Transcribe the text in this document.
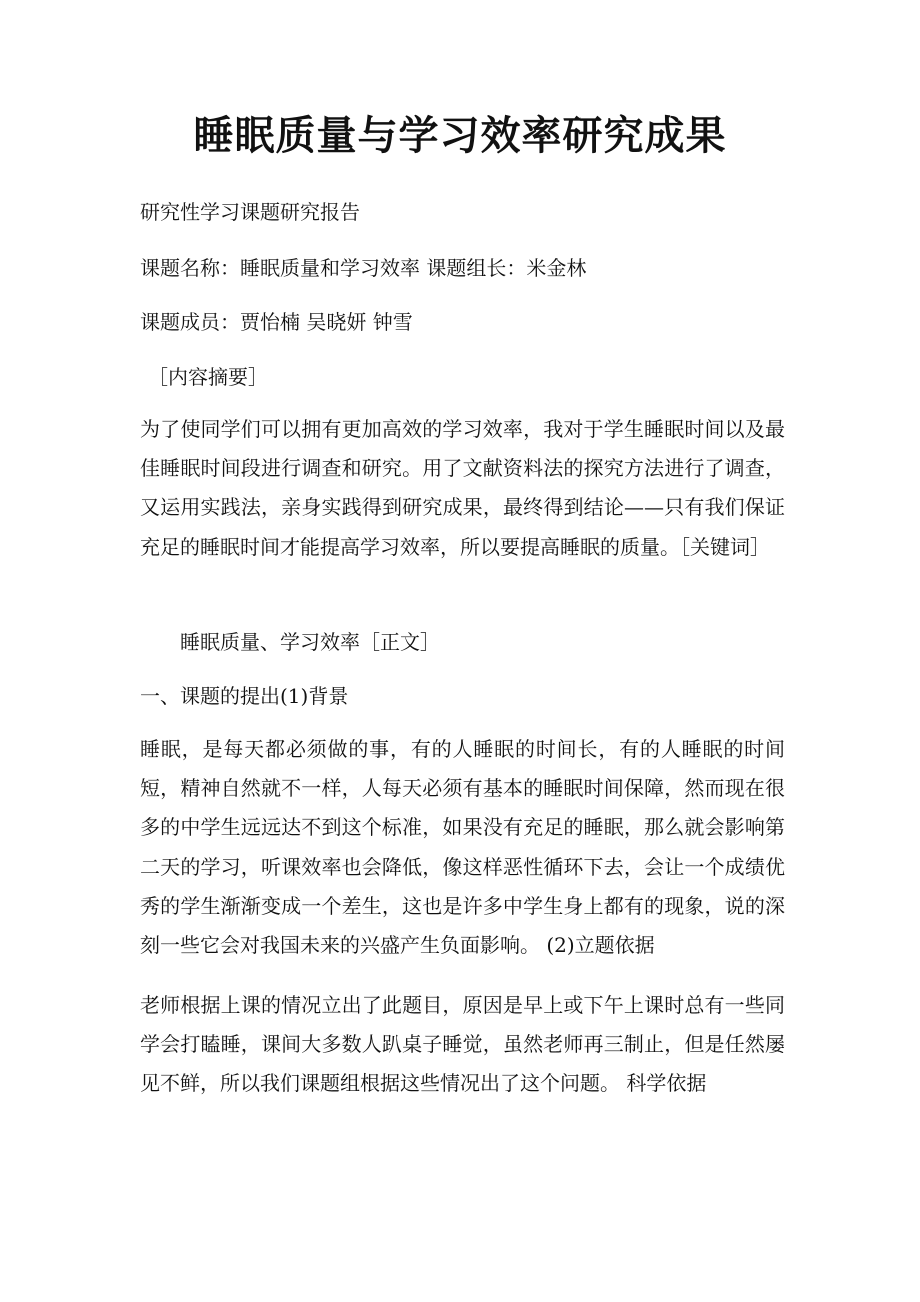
睡眠质量与学习效率研究成果

研究性学习课题研究报告

课题名称：睡眠质量和学习效率 课题组长：米金林

课题成员：贾怡楠 吴晓妍 钟雪

［内容摘要］

为了使同学们可以拥有更加高效的学习效率，我对于学生睡眠时间以及最佳睡眠时间段进行调查和研究。用了文献资料法的探究方法进行了调查，又运用实践法，亲身实践得到研究成果，最终得到结论——只有我们保证充足的睡眠时间才能提高学习效率，所以要提高睡眠的质量。［关键词］

睡眠质量、学习效率［正文］

一、课题的提出(1)背景

睡眠，是每天都必须做的事，有的人睡眠的时间长，有的人睡眠的时间短，精神自然就不一样，人每天必须有基本的睡眠时间保障，然而现在很多的中学生远远达不到这个标准，如果没有充足的睡眠，那么就会影响第二天的学习，听课效率也会降低，像这样恶性循环下去，会让一个成绩优秀的学生渐渐变成一个差生，这也是许多中学生身上都有的现象，说的深刻一些它会对我国未来的兴盛产生负面影响。 (2)立题依据

老师根据上课的情况立出了此题目，原因是早上或下午上课时总有一些同学会打瞌睡，课间大多数人趴桌子睡觉，虽然老师再三制止，但是任然屡见不鲜，所以我们课题组根据这些情况出了这个问题。 科学依据
